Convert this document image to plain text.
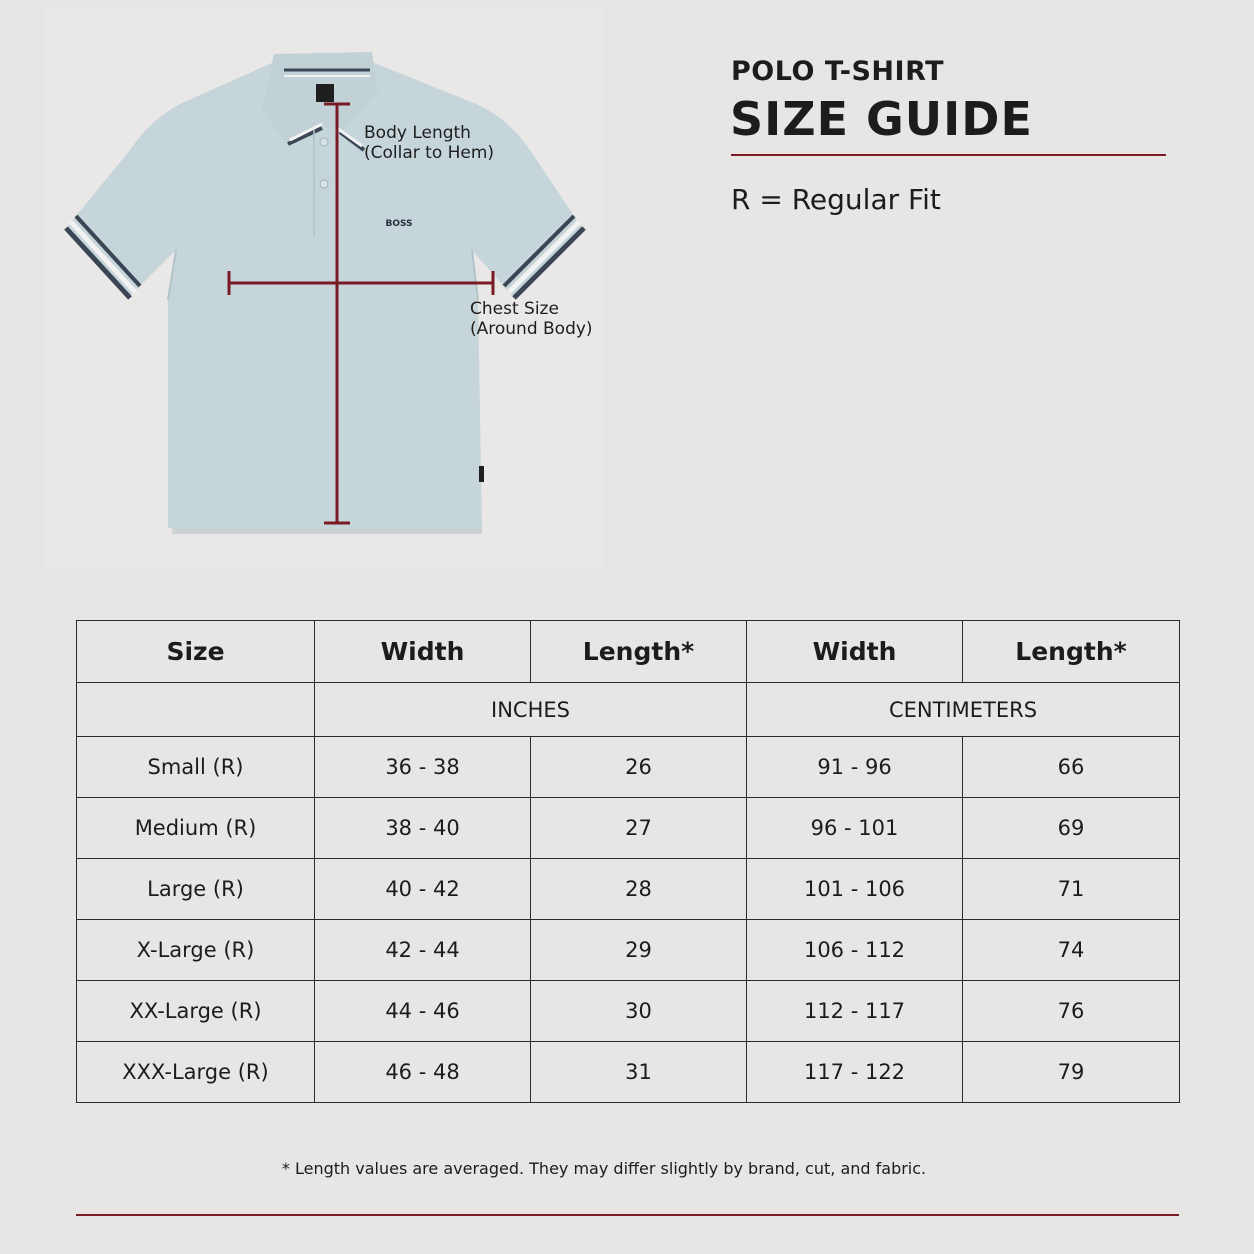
BOSS
Body Length
(Collar to Hem)
Chest Size
(Around Body)
POLO T-SHIRT
SIZE GUIDE
R = Regular Fit
Size	Width	Length*	Width	Length*
	INCHES		CENTIMETERS	
Small (R)	36 - 38	26	91 - 96	66
Medium (R)	38 - 40	27	96 - 101	69
Large (R)	40 - 42	28	101 - 106	71
X-Large (R)	42 - 44	29	106 - 112	74
XX-Large (R)	44 - 46	30	112 - 117	76
XXX-Large (R)	46 - 48	31	117 - 122	79
* Length values are averaged. They may differ slightly by brand, cut, and fabric.
